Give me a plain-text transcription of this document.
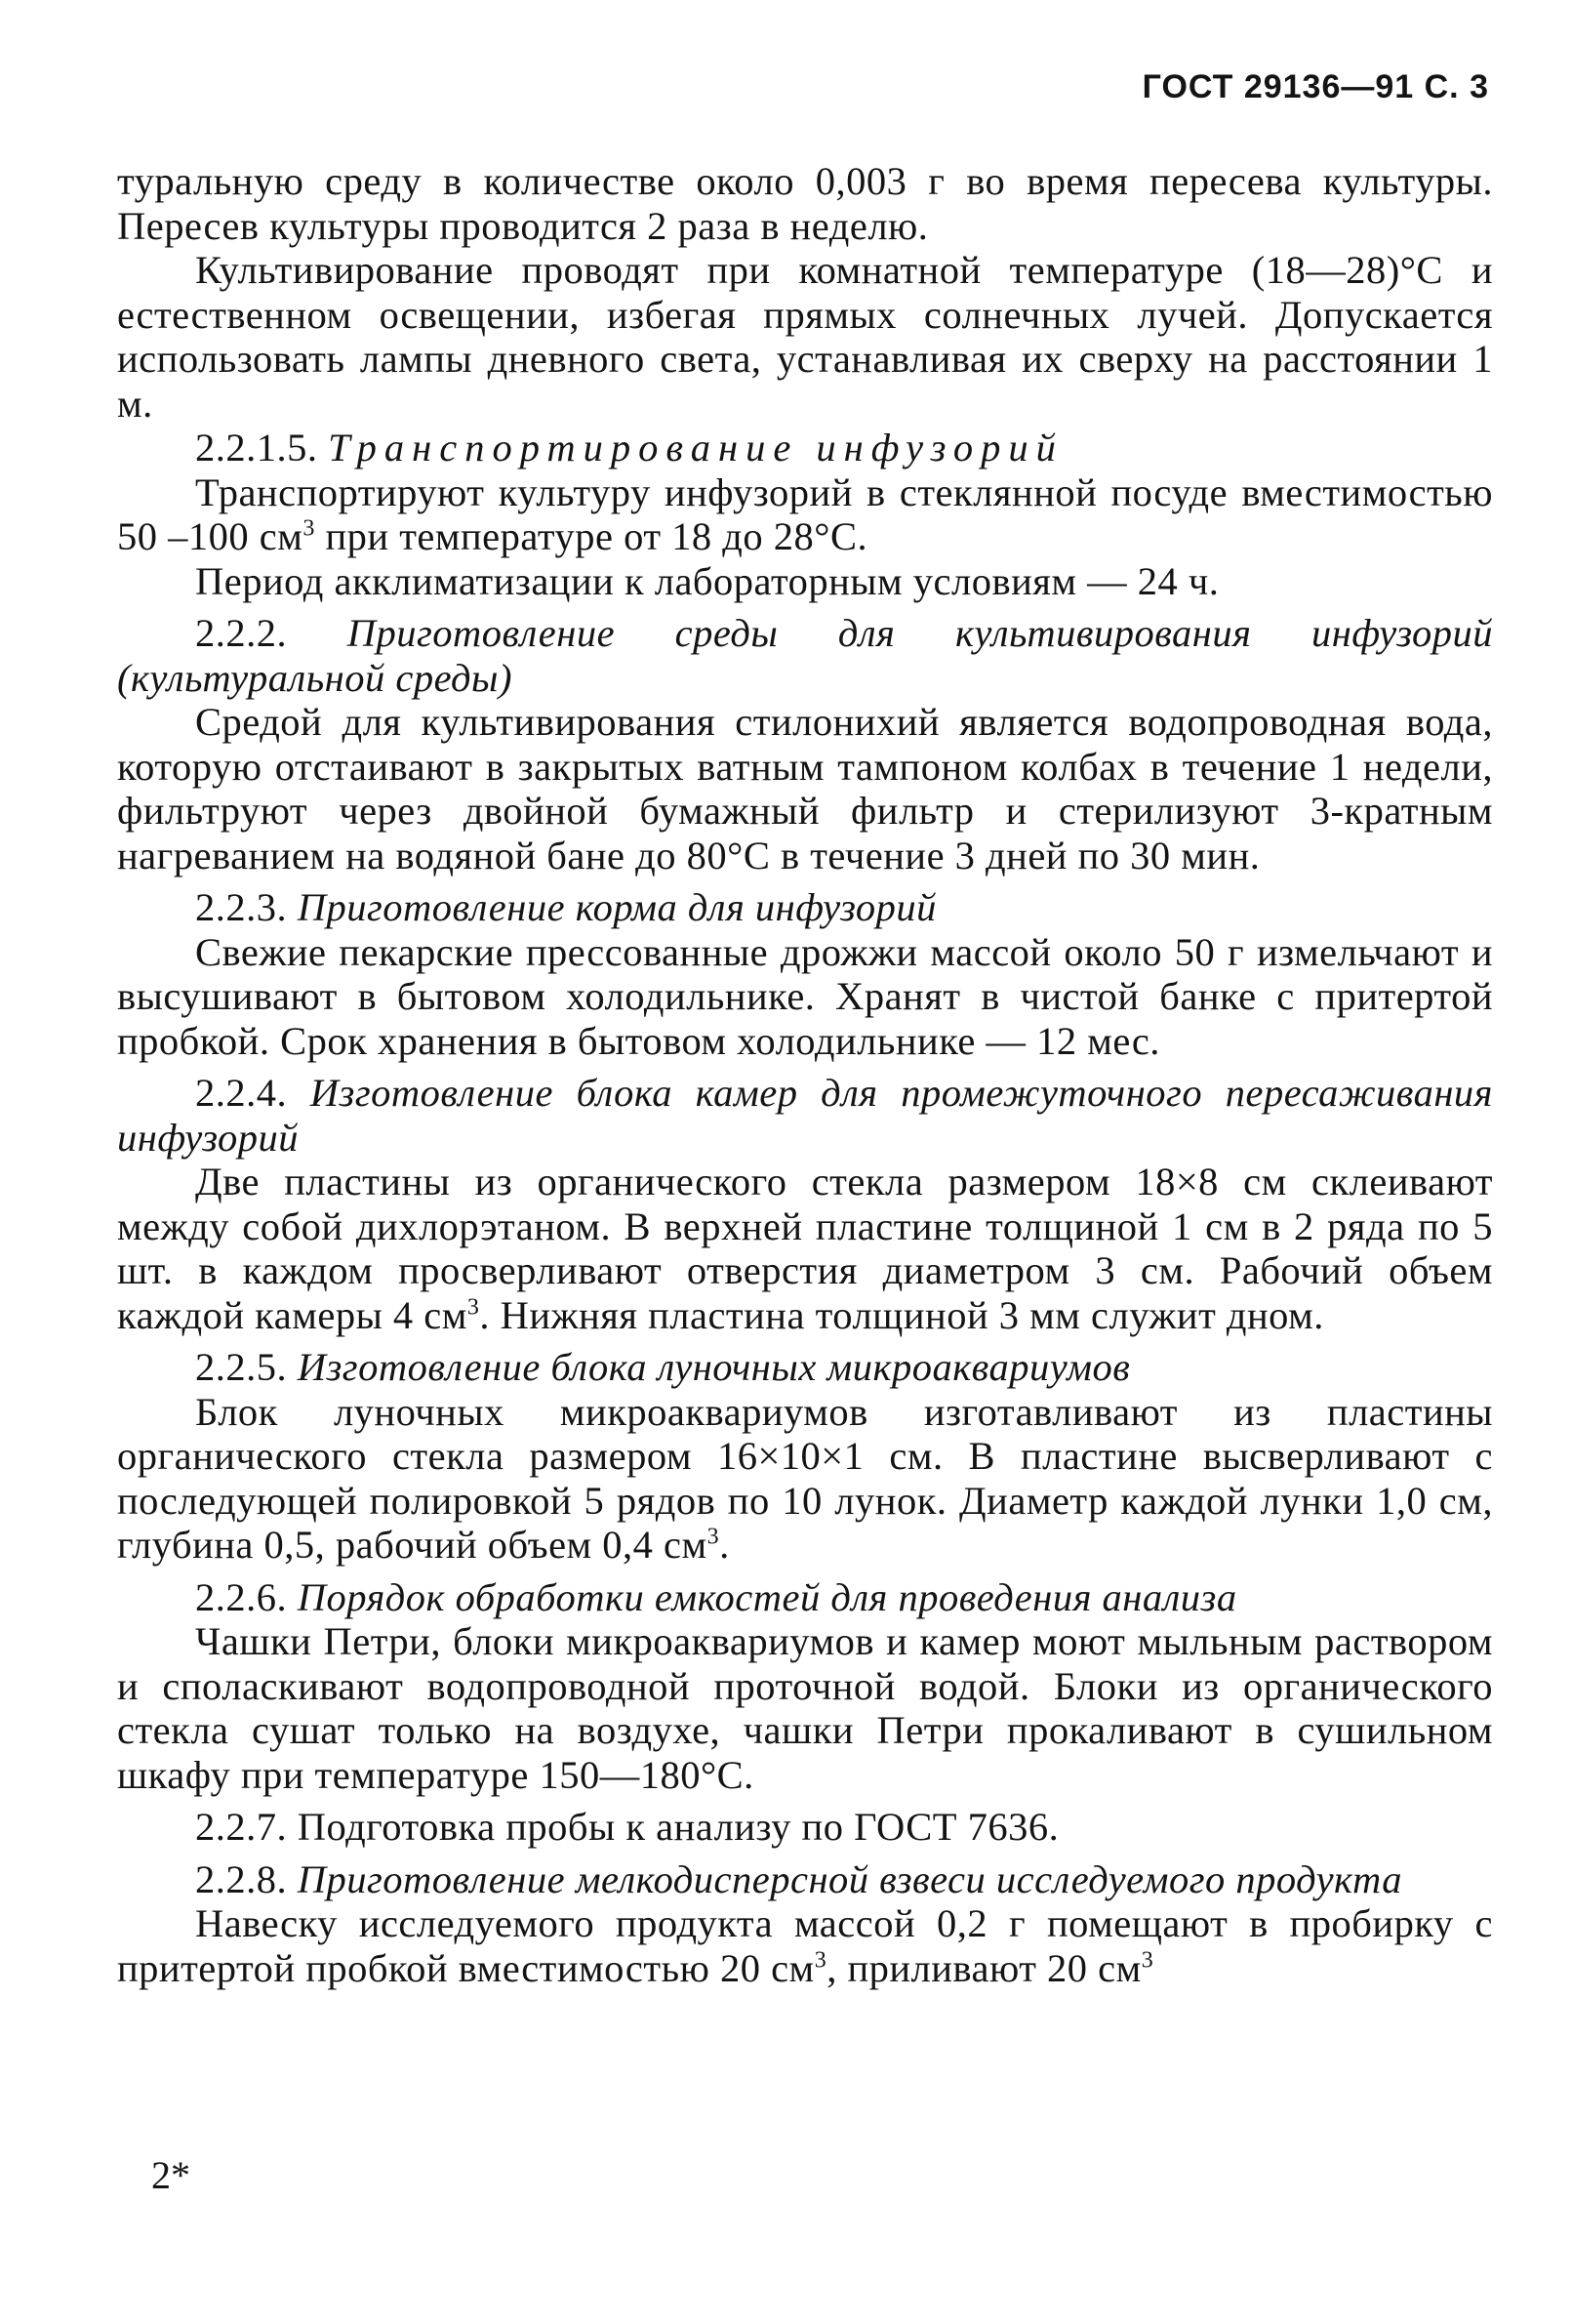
ГОСТ 29136—91 С. 3

туральную среду в количестве около 0,003 г во время пересева культуры. Пересев культуры проводится 2 раза в неделю.

Культивирование проводят при комнатной температуре (18—28)°С и естественном освещении, избегая прямых солнечных лучей. Допускается использовать лампы дневного света, устанавливая их сверху на расстоянии 1 м.

2.2.1.5. Транспортирование инфузорий

Транспортируют культуру инфузорий в стеклянной посуде вместимостью 50 –100 $см^3$ при температуре от 18 до 28°С.

Период акклиматизации к лабораторным условиям — 24 ч.

2.2.2. Приготовление среды для культивирования инфузорий (культуральной среды)

Средой для культивирования стилонихий является водопроводная вода, которую отстаивают в закрытых ватным тампоном колбах в течение 1 недели, фильтруют через двойной бумажный фильтр и стерилизуют 3-кратным нагреванием на водяной бане до 80°С в течение 3 дней по 30 мин.

2.2.3. Приготовление корма для инфузорий

Свежие пекарские прессованные дрожжи массой около 50 г измельчают и высушивают в бытовом холодильнике. Хранят в чистой банке с притертой пробкой. Срок хранения в бытовом холодильнике — 12 мес.

2.2.4. Изготовление блока камер для промежуточного пересаживания инфузорий

Две пластины из органического стекла размером 18×8 см склеивают между собой дихлорэтаном. В верхней пластине толщиной 1 см в 2 ряда по 5 шт. в каждом просверливают отверстия диаметром 3 см. Рабочий объем каждой камеры 4 $см^3$. Нижняя пластина толщиной 3 мм служит дном.

2.2.5. Изготовление блока луночных микроаквариумов

Блок луночных микроаквариумов изготавливают из пластины органического стекла размером 16×10×1 см. В пластине высверливают с последующей полировкой 5 рядов по 10 лунок. Диаметр каждой лунки 1,0 см, глубина 0,5, рабочий объем 0,4 $см^3$.

2.2.6. Порядок обработки емкостей для проведения анализа

Чашки Петри, блоки микроаквариумов и камер моют мыльным раствором и споласкивают водопроводной проточной водой. Блоки из органического стекла сушат только на воздухе, чашки Петри прокаливают в сушильном шкафу при температуре 150—180°С.

2.2.7. Подготовка пробы к анализу по ГОСТ 7636.

2.2.8. Приготовление мелкодисперсной взвеси исследуемого продукта

Навеску исследуемого продукта массой 0,2 г помещают в пробирку с притертой пробкой вместимостью 20 $см^3$, приливают 20 $см^3$

2*
